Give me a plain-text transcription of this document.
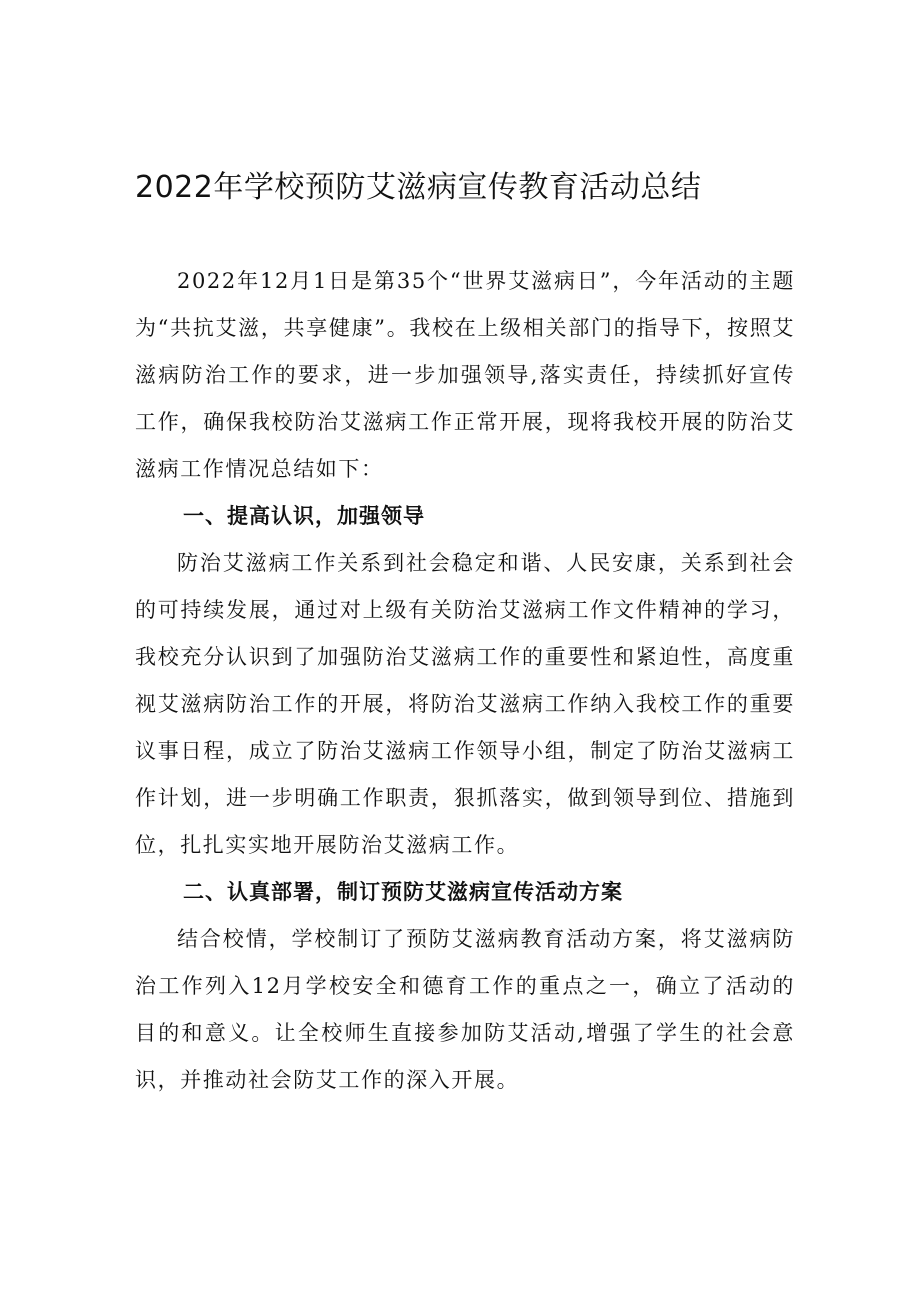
2022年学校预防艾滋病宣传教育活动总结

2022年12月1日是第35个“世界艾滋病日”，今年活动的主题为“共抗艾滋，共享健康”。我校在上级相关部门的指导下，按照艾滋病防治工作的要求，进一步加强领导,落实责任，持续抓好宣传工作，确保我校防治艾滋病工作正常开展，现将我校开展的防治艾滋病工作情况总结如下：

一、提高认识，加强领导

防治艾滋病工作关系到社会稳定和谐、人民安康，关系到社会的可持续发展，通过对上级有关防治艾滋病工作文件精神的学习，我校充分认识到了加强防治艾滋病工作的重要性和紧迫性，高度重视艾滋病防治工作的开展，将防治艾滋病工作纳入我校工作的重要议事日程，成立了防治艾滋病工作领导小组，制定了防治艾滋病工作计划，进一步明确工作职责，狠抓落实，做到领导到位、措施到位，扎扎实实地开展防治艾滋病工作。

二、认真部署，制订预防艾滋病宣传活动方案

结合校情，学校制订了预防艾滋病教育活动方案，将艾滋病防治工作列入12月学校安全和德育工作的重点之一，确立了活动的目的和意义。让全校师生直接参加防艾活动,增强了学生的社会意识，并推动社会防艾工作的深入开展。
